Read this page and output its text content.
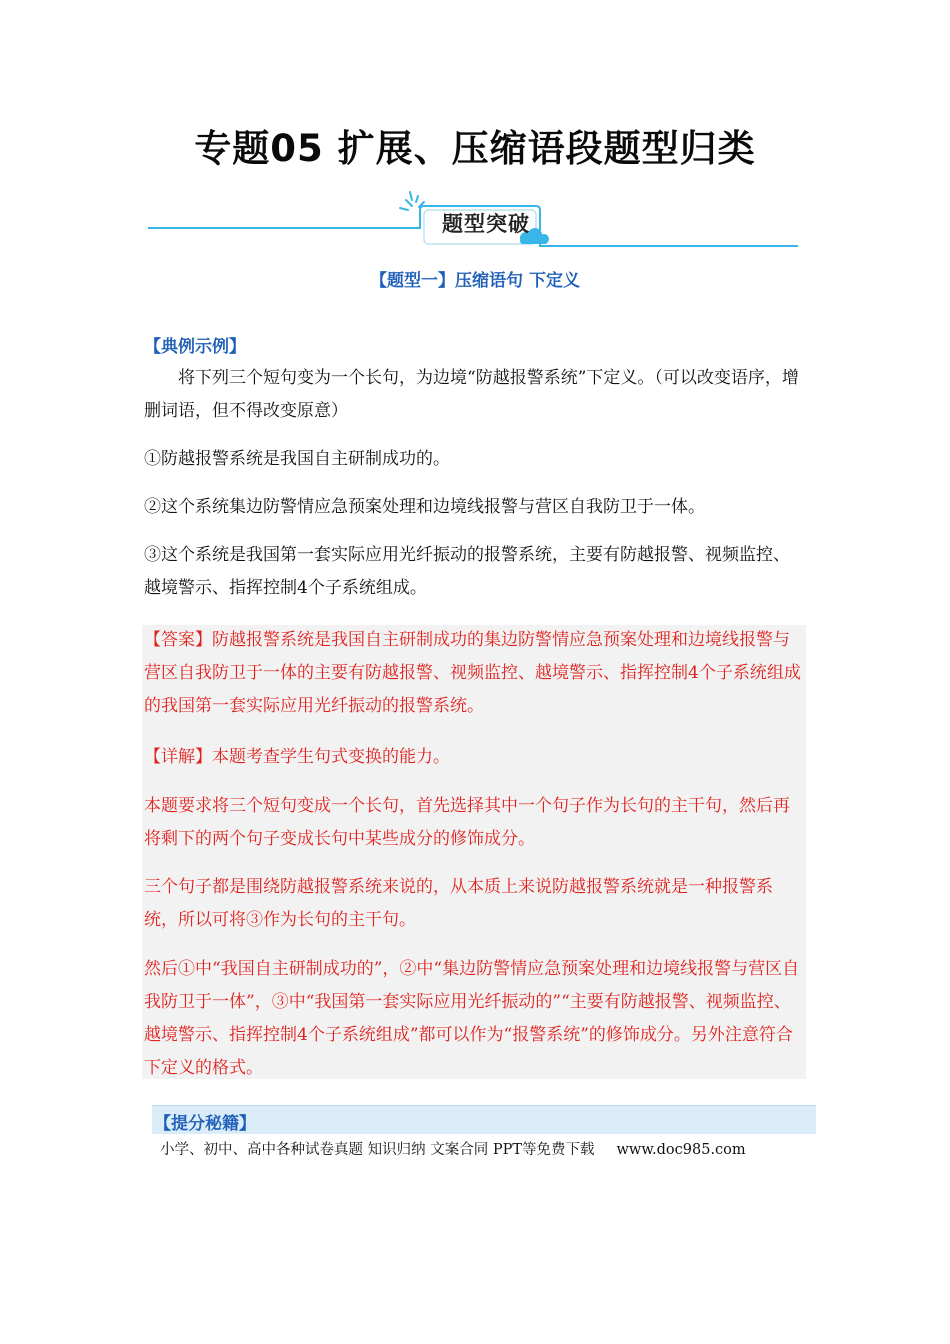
专题05 扩展、压缩语段题型归类
题型突破
【题型一】压缩语句 下定义
【典例示例】
将下列三个短句变为一个长句，为边境“防越报警系统”下定义。（可以改变语序，增删词语，但不得改变原意）
①防越报警系统是我国自主研制成功的。
②这个系统集边防警情应急预案处理和边境线报警与营区自我防卫于一体。
③这个系统是我国第一套实际应用光纤振动的报警系统，主要有防越报警、视频监控、越境警示、指挥控制4个子系统组成。
【答案】防越报警系统是我国自主研制成功的集边防警情应急预案处理和边境线报警与营区自我防卫于一体的主要有防越报警、视频监控、越境警示、指挥控制4个子系统组成的我国第一套实际应用光纤振动的报警系统。
【详解】本题考查学生句式变换的能力。
本题要求将三个短句变成一个长句，首先选择其中一个句子作为长句的主干句，然后再将剩下的两个句子变成长句中某些成分的修饰成分。
三个句子都是围绕防越报警系统来说的，从本质上来说防越报警系统就是一种报警系统，所以可将③作为长句的主干句。
然后①中“我国自主研制成功的”，②中“集边防警情应急预案处理和边境线报警与营区自我防卫于一体”，③中“我国第一套实际应用光纤振动的”“主要有防越报警、视频监控、越境警示、指挥控制4个子系统组成”都可以作为“报警系统”的修饰成分。另外注意符合下定义的格式。
【提分秘籍】
小学、初中、高中各种试卷真题 知识归纳 文案合同 PPT等免费下载 www.doc985.com
